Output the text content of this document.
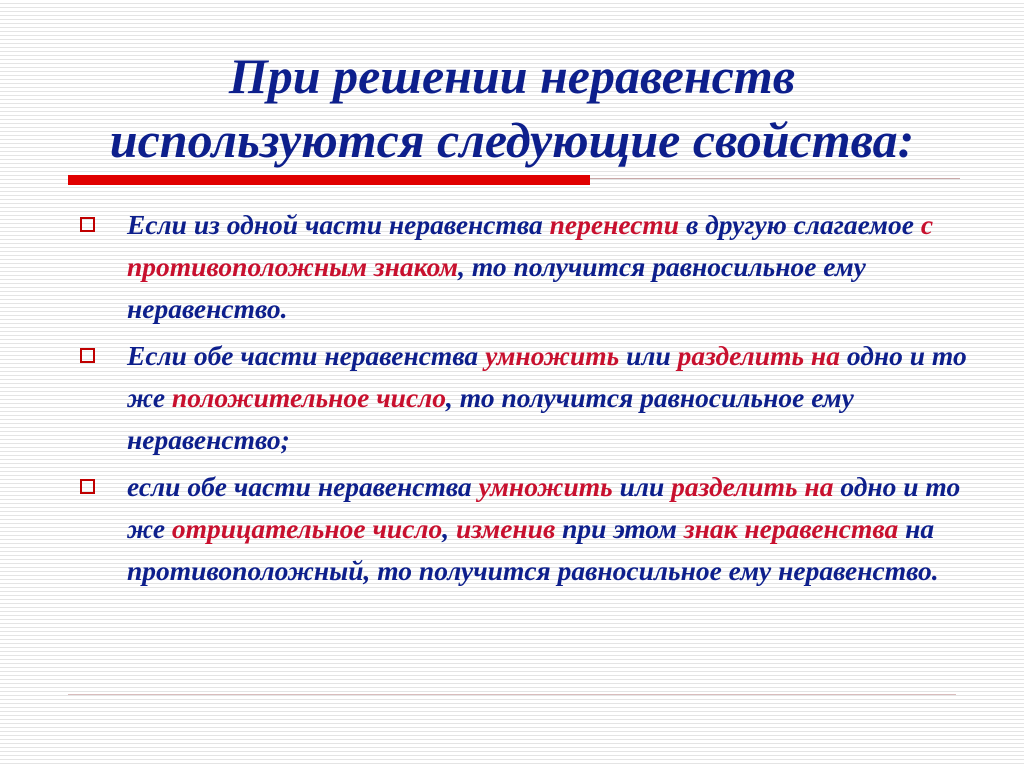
При решении неравенств
используются следующие свойства:
Если из одной части неравенства перенести в другую слагаемое с противоположным знаком, то получится равносильное ему неравенство.
Если обе части неравенства умножить или разделить на одно и то же положительное число, то получится равносильное ему неравенство;
если обе части неравенства умножить или разделить на одно и то же отрицательное число, изменив при этом знак неравенства на противоположный, то получится равносильное ему неравенство.
